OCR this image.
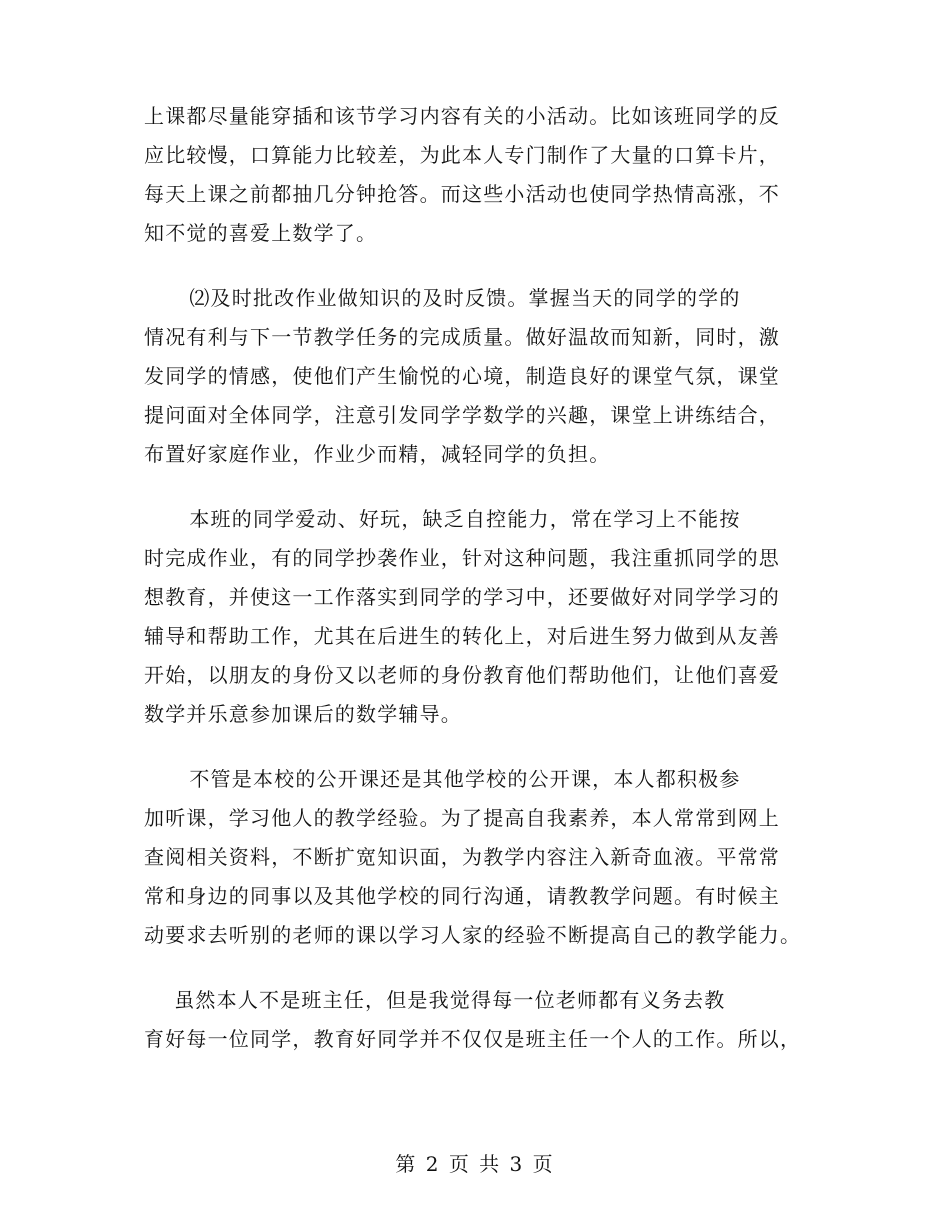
上课都尽量能穿插和该节学习内容有关的小活动。比如该班同学的反
应比较慢，口算能力比较差，为此本人专门制作了大量的口算卡片，
每天上课之前都抽几分钟抢答。而这些小活动也使同学热情高涨，不
知不觉的喜爱上数学了。

⑵及时批改作业做知识的及时反馈。掌握当天的同学的学的
情况有利与下一节教学任务的完成质量。做好温故而知新，同时，激
发同学的情感，使他们产生愉悦的心境，制造良好的课堂气氛，课堂
提问面对全体同学，注意引发同学学数学的兴趣，课堂上讲练结合，
布置好家庭作业，作业少而精，减轻同学的负担。

本班的同学爱动、好玩，缺乏自控能力，常在学习上不能按
时完成作业，有的同学抄袭作业，针对这种问题，我注重抓同学的思
想教育，并使这一工作落实到同学的学习中，还要做好对同学学习的
辅导和帮助工作，尤其在后进生的转化上，对后进生努力做到从友善
开始，以朋友的身份又以老师的身份教育他们帮助他们，让他们喜爱
数学并乐意参加课后的数学辅导。

不管是本校的公开课还是其他学校的公开课，本人都积极参
加听课，学习他人的教学经验。为了提高自我素养，本人常常到网上
查阅相关资料，不断扩宽知识面，为教学内容注入新奇血液。平常常
常和身边的同事以及其他学校的同行沟通，请教教学问题。有时候主
动要求去听别的老师的课以学习人家的经验不断提高自己的教学能力。

虽然本人不是班主任，但是我觉得每一位老师都有义务去教
育好每一位同学，教育好同学并不仅仅是班主任一个人的工作。所以，

第 2 页 共 3 页
